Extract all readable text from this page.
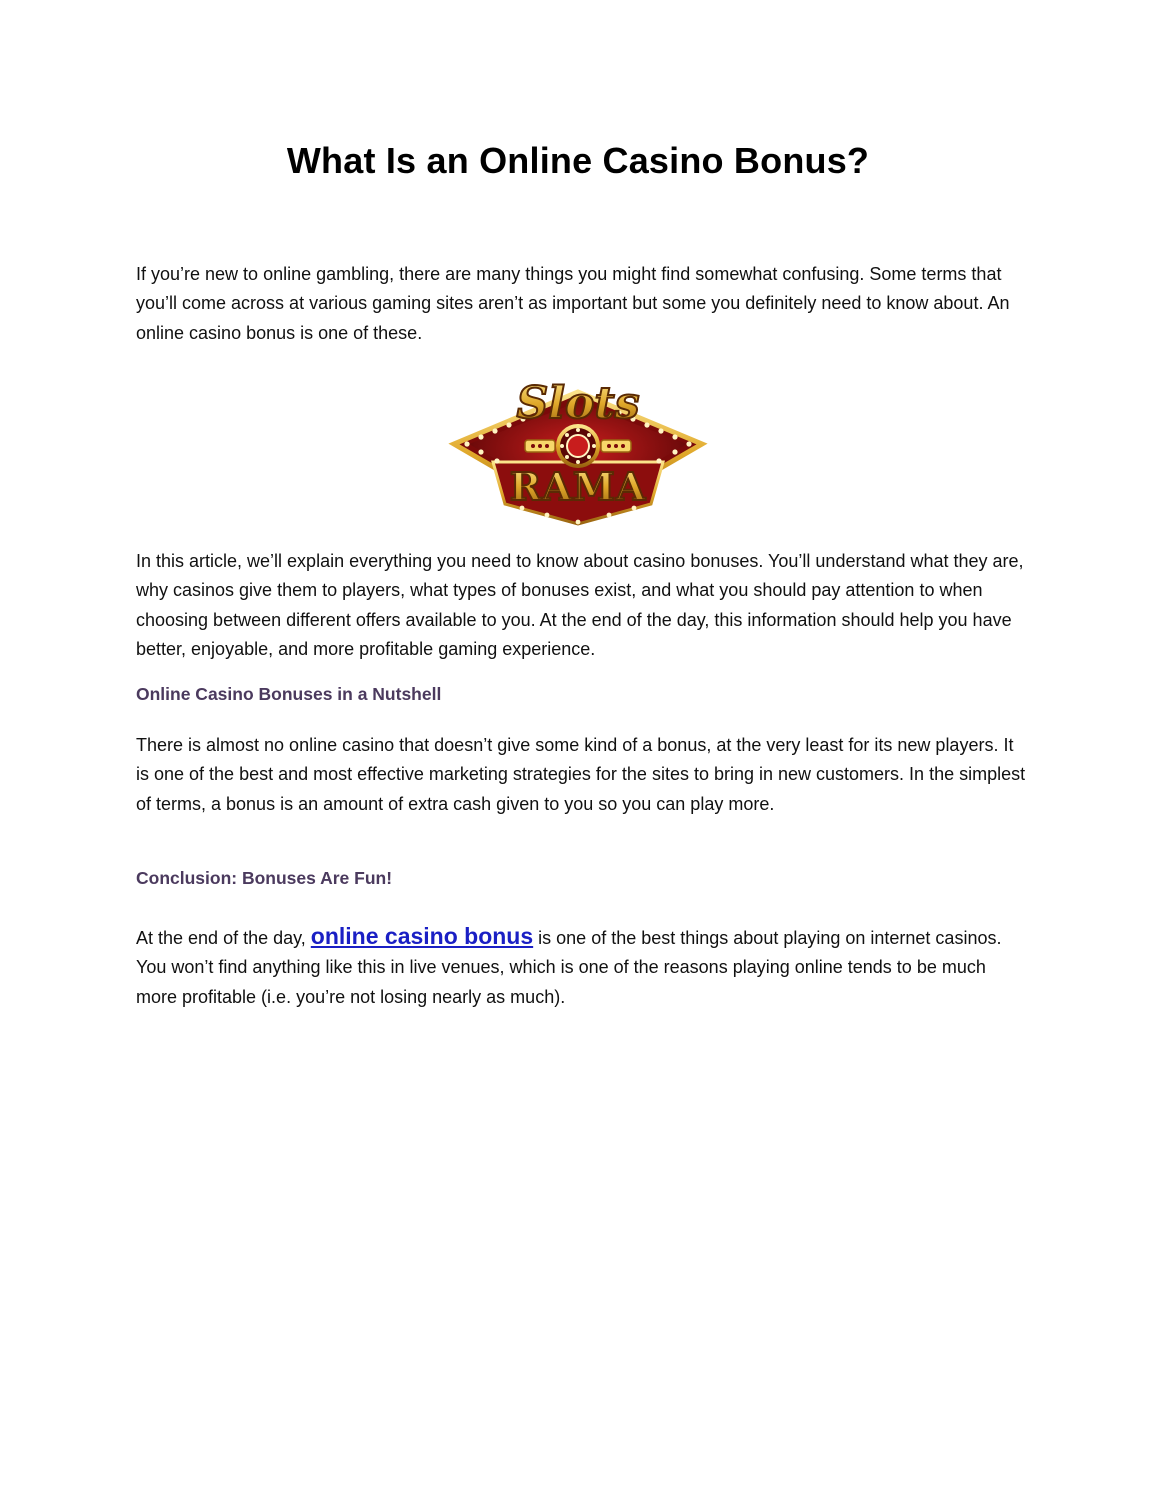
What Is an Online Casino Bonus?

If you’re new to online gambling, there are many things you might find somewhat confusing. Some terms that you’ll come across at various gaming sites aren’t as important but some you definitely need to know about. An online casino bonus is one of these.

Slots
RAMA

In this article, we’ll explain everything you need to know about casino bonuses. You’ll understand what they are, why casinos give them to players, what types of bonuses exist, and what you should pay attention to when choosing between different offers available to you. At the end of the day, this information should help you have better, enjoyable, and more profitable gaming experience.

Online Casino Bonuses in a Nutshell

There is almost no online casino that doesn’t give some kind of a bonus, at the very least for its new players. It is one of the best and most effective marketing strategies for the sites to bring in new customers. In the simplest of terms, a bonus is an amount of extra cash given to you so you can play more.

Conclusion: Bonuses Are Fun!

At the end of the day, online casino bonus is one of the best things about playing on internet casinos. You won’t find anything like this in live venues, which is one of the reasons playing online tends to be much more profitable (i.e. you’re not losing nearly as much).
